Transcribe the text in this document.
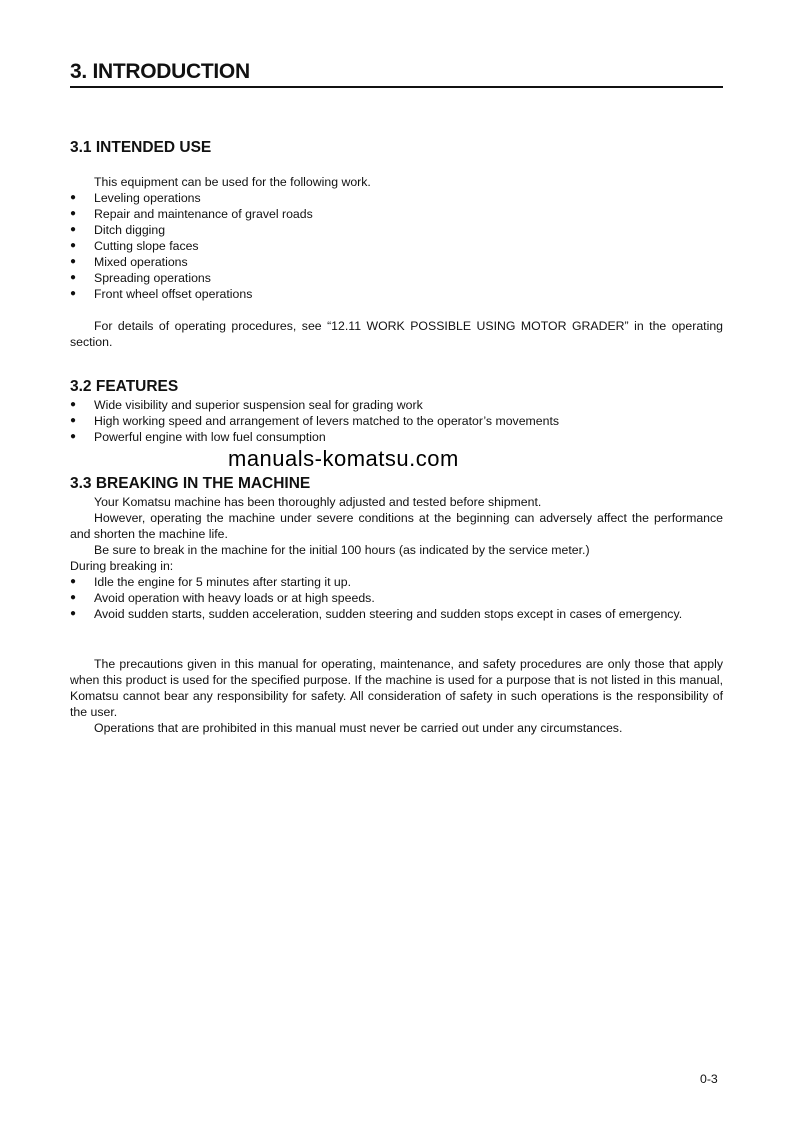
3. INTRODUCTION
3.1 INTENDED USE
This equipment can be used for the following work.
●	Leveling operations
●	Repair and maintenance of gravel roads
●	Ditch digging
●	Cutting slope faces
●	Mixed operations
●	Spreading operations
●	Front wheel offset operations

For details of operating procedures, see “12.11 WORK POSSIBLE USING MOTOR GRADER” in the operating section.

3.2 FEATURES
●	Wide visibility and superior suspension seal for grading work
●	High working speed and arrangement of levers matched to the operator’s movements
●	Powerful engine with low fuel consumption
manuals-komatsu.com
3.3 BREAKING IN THE MACHINE

Your Komatsu machine has been thoroughly adjusted and tested before shipment.

However, operating the machine under severe conditions at the beginning can adversely affect the performance and shorten the machine life.

Be sure to break in the machine for the initial 100 hours (as indicated by the service meter.)

During breaking in:

●	Idle the engine for 5 minutes after starting it up.
●	Avoid operation with heavy loads or at high speeds.
●	Avoid sudden starts, sudden acceleration, sudden steering and sudden stops except in cases of emergency.

The precautions given in this manual for operating, maintenance, and safety procedures are only those that apply when this product is used for the specified purpose. If the machine is used for a purpose that is not listed in this manual, Komatsu cannot bear any responsibility for safety. All consideration of safety in such operations is the responsibility of the user.

Operations that are prohibited in this manual must never be carried out under any circumstances.

0-3
